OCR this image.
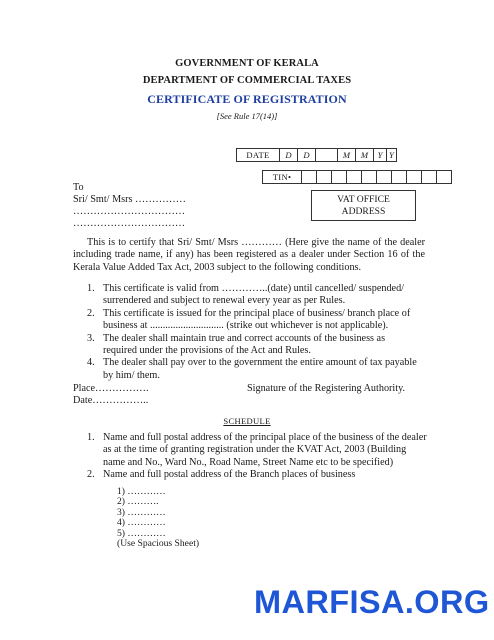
GOVERNMENT OF KERALA
DEPARTMENT OF COMMERCIAL TAXES
CERTIFICATE OF REGISTRATION
[See Rule 17(14)]
DATE	D	D		M	M	Y	Y
TIN•										
To
Sri/ Smt/ Msrs ……………
……………………………
……………………………
VAT OFFICE
ADDRESS
This is to certify that Sri/ Smt/ Msrs ………… (Here give the name of the dealer including trade name, if any) has been registered as a dealer under Section 16 of the Kerala Value Added Tax Act, 2003 subject to the following conditions.
1. This certificate is valid from …………..(date) until cancelled/ suspended/ surrendered and subject to renewal every year as per Rules.
2. This certificate is issued for the principal place of business/ branch place of business at ............................. (strike out whichever is not applicable).
3. The dealer shall maintain true and correct accounts of the business as required under the provisions of the Act and Rules.
4. The dealer shall pay over to the government the entire amount of tax payable by him/ them.
Place…………….
Date……………..
Signature of the Registering Authority.
SCHEDULE
1. Name and full postal address of the principal place of the business of the dealer as at the time of granting registration under the KVAT Act, 2003 (Building name and No., Ward No., Road Name, Street Name etc to be specified)
2. Name and full postal address of the Branch places of business
1) …………
2) ……….
3) …………
4) …………
5) …………
(Use Spacious Sheet)
MARFISA.ORG
